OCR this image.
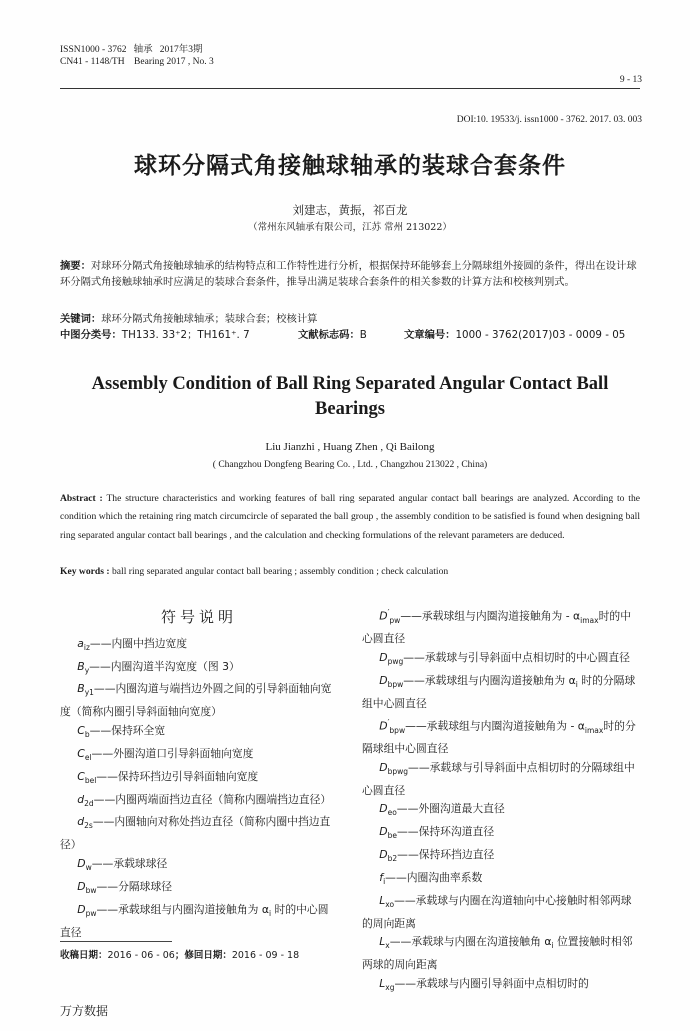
ISSN1000 - 3762   轴承   2017年3期
CN41 - 1148/TH    Bearing 2017 , No. 3
9 - 13
DOI:10. 19533/j. issn1000 - 3762. 2017. 03. 003
球环分隔式角接触球轴承的装球合套条件
刘建志，黄振，祁百龙
（常州东风轴承有限公司，江苏 常州 213022）
摘要：对球环分隔式角接触球轴承的结构特点和工作特性进行分析，根据保持环能够套上分隔球组外接圆的条件，得出在设计球环分隔式角接触球轴承时应满足的装球合套条件，推导出满足装球合套条件的相关参数的计算方法和校核判别式。
关键词：球环分隔式角接触球轴承；装球合套；校核计算
中图分类号：TH133. 33⁺2；TH161⁺. 7	文献标志码：B	文章编号：1000 - 3762(2017)03 - 0009 - 05
Assembly Condition of Ball Ring Separated Angular Contact Ball Bearings
Liu Jianzhi , Huang Zhen , Qi Bailong
( Changzhou Dongfeng Bearing Co. , Ltd. , Changzhou 213022 , China)
Abstract : The structure characteristics and working features of ball ring separated angular contact ball bearings are analyzed. According to the condition which the retaining ring match circumcircle of separated the ball group , the assembly condition to be satisfied is found when designing ball ring separated angular contact ball bearings , and the calculation and checking formulations of the relevant parameters are deduced.
Key words : ball ring separated angular contact ball bearing ; assembly condition ; check calculation

符号说明

$a_{iz}——$内圈中挡边宽度

$B_y——$内圈沟道半沟宽度（图 3）

$B_{y1}——$内圈沟道与端挡边外圆之间的引导斜面轴向宽度（简称内圈引导斜面轴向宽度）

$C_b——$保持环全宽

$C_{el}——$外圈沟道口引导斜面轴向宽度

$C_{bel}——$保持环挡边引导斜面轴向宽度

$d_{2d}——$内圈两端面挡边直径（简称内圈端挡边直径）

$d_{2s}——$内圈轴向对称处挡边直径（简称内圈中挡边直径）

$D_w——$承载球球径

$D_{bw}——$分隔球球径

$D_{pw}——$承载球组与内圈沟道接触角为 $\alpha_i$ 时的中心圆直径

$D'_{pw}——$承载球组与内圈沟道接触角为 - $\alpha_{imax}$时的中心圆直径

$D_{pwg}——$承载球与引导斜面中点相切时的中心圆直径

$D_{bpw}——$承载球组与内圈沟道接触角为 $\alpha_i$ 时的分隔球组中心圆直径

$D'_{bpw}——$承载球组与内圈沟道接触角为 - $\alpha_{imax}$时的分隔球组中心圆直径

$D_{bpwg}——$承载球与引导斜面中点相切时的分隔球组中心圆直径

$D_{eo}——$外圈沟道最大直径

$D_{be}——$保持环沟道直径

$D_{b2}——$保持环挡边直径

$f_i——$内圈沟曲率系数

$L_{xo}——$承载球与内圈在沟道轴向中心接触时相邻两球的周向距离

$L_x——$承载球与内圈在沟道接触角 $\alpha_i$ 位置接触时相邻两球的周向距离

$L_{xg}——$承载球与内圈引导斜面中点相切时的

收稿日期：2016 - 06 - 06；修回日期：2016 - 09 - 18
万方数据
